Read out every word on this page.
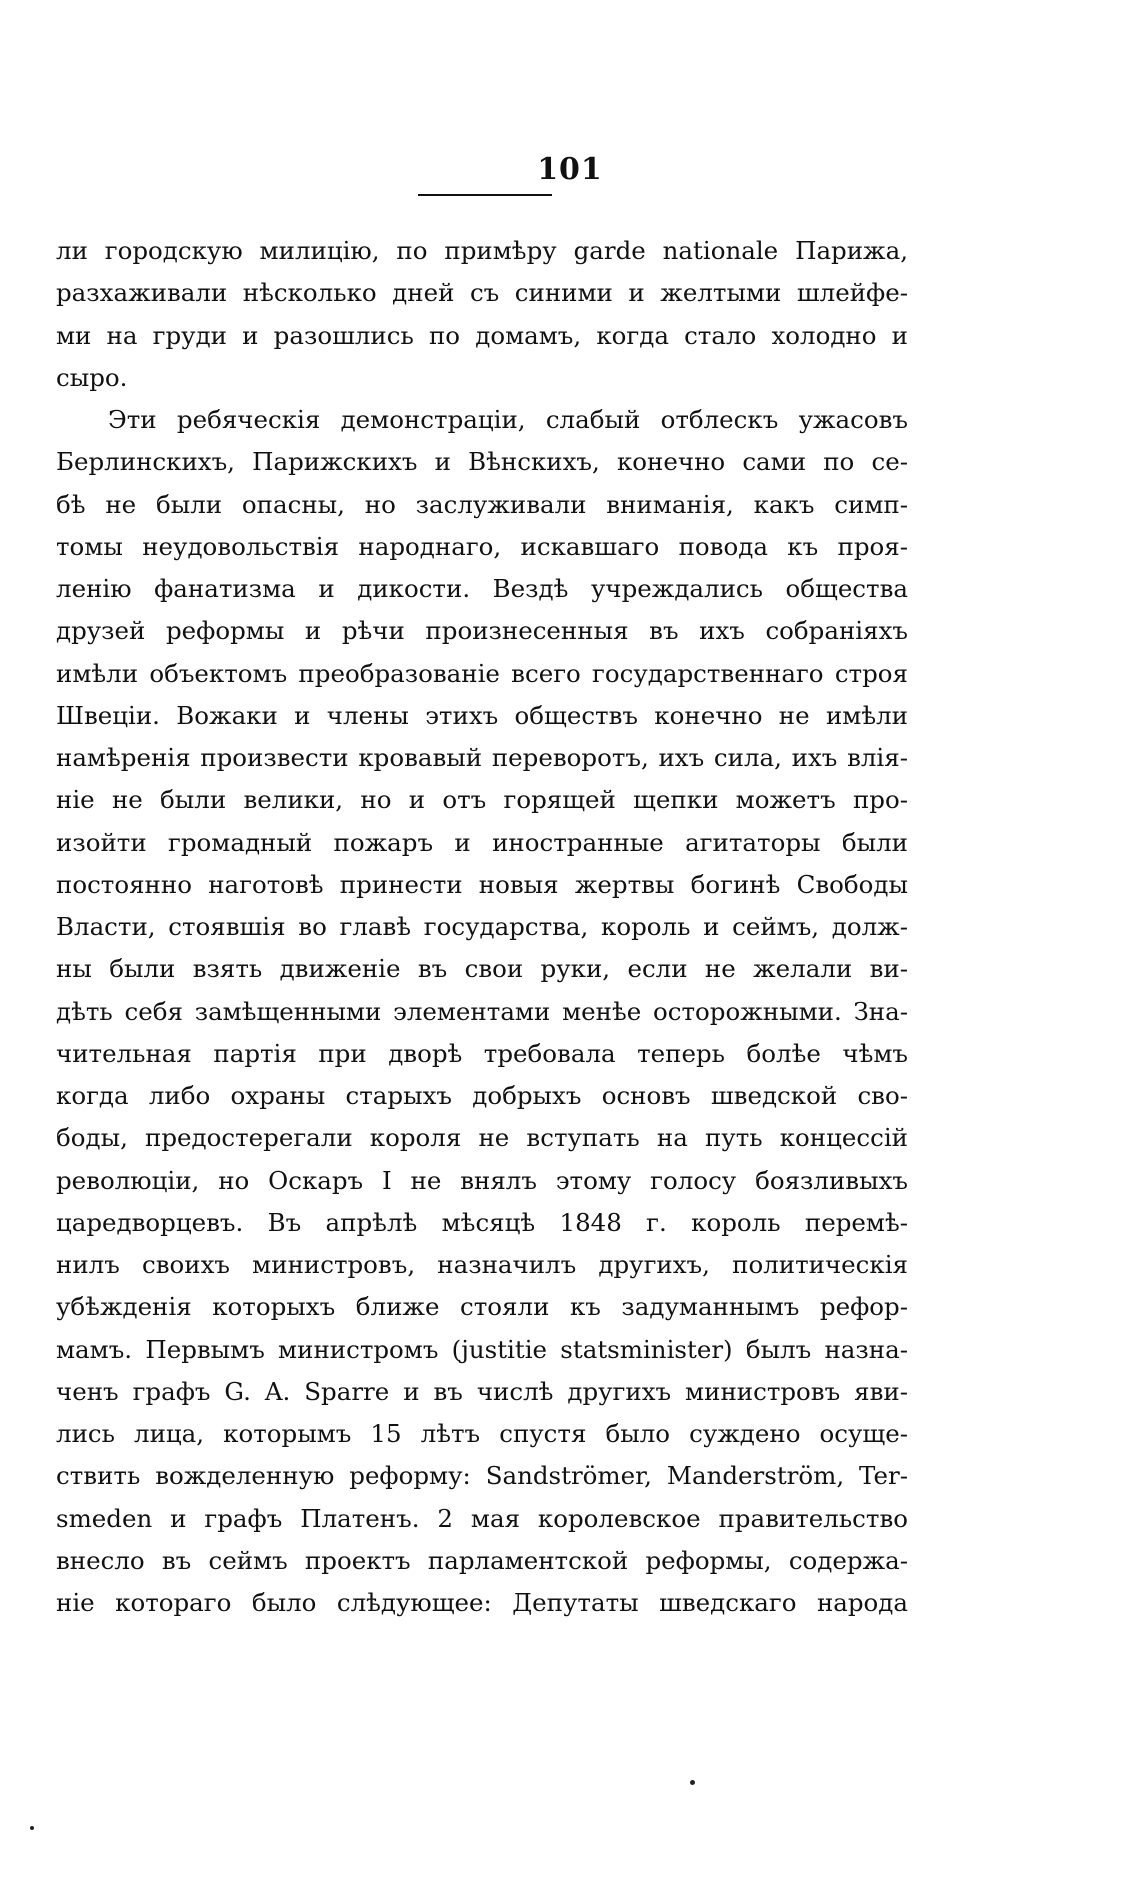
101
ли городскую милицію, по примѣру garde nationale Парижа,
разхаживали нѣсколько дней съ синими и желтыми шлейфе-
ми на груди и разошлись по домамъ, когда стало холодно и
сыро.
Эти ребяческія демонстраціи, слабый отблескъ ужасовъ
Берлинскихъ, Парижскихъ и Вѣнскихъ, конечно сами по се-
бѣ не были опасны, но заслуживали вниманія, какъ симп-
томы неудовольствія народнаго, искавшаго повода къ проя-
ленію фанатизма и дикости. Вездѣ учреждались общества
друзей реформы и рѣчи произнесенныя въ ихъ собраніяхъ
имѣли объектомъ преобразованіе всего государственнаго строя
Швеціи. Вожаки и члены этихъ обществъ конечно не имѣли
намѣренія произвести кровавый переворотъ, ихъ сила, ихъ влія-
ніе не были велики, но и отъ горящей щепки можетъ про-
изойти громадный пожаръ и иностранные агитаторы были
постоянно наготовѣ принести новыя жертвы богинѣ Свободы
Власти, стоявшія во главѣ государства, король и сеймъ, долж-
ны были взять движеніе въ свои руки, если не желали ви-
дѣть себя замѣщенными элементами менѣе осторожными. Зна-
чительная партія при дворѣ требовала теперь болѣе чѣмъ
когда либо охраны старыхъ добрыхъ основъ шведской сво-
боды, предостерегали короля не вступать на путь концессій
революціи, но Оскаръ I не внялъ этому голосу боязливыхъ
царедворцевъ. Въ апрѣлѣ мѣсяцѣ 1848 г. король перемѣ-
нилъ своихъ министровъ, назначилъ другихъ, политическія
убѣжденія которыхъ ближе стояли къ задуманнымъ рефор-
мамъ. Первымъ министромъ (justitie statsminister) былъ назна-
ченъ графъ G. A. Sparre и въ числѣ другихъ министровъ яви-
лись лица, которымъ 15 лѣтъ спустя было суждено осуще-
ствить вожделенную реформу: Sandströmer, Manderström, Ter-
smeden и графъ Платенъ. 2 мая королевское правительство
внесло въ сеймъ проектъ парламентской реформы, содержа-
ніе котораго было слѣдующее: Депутаты шведскаго народа
